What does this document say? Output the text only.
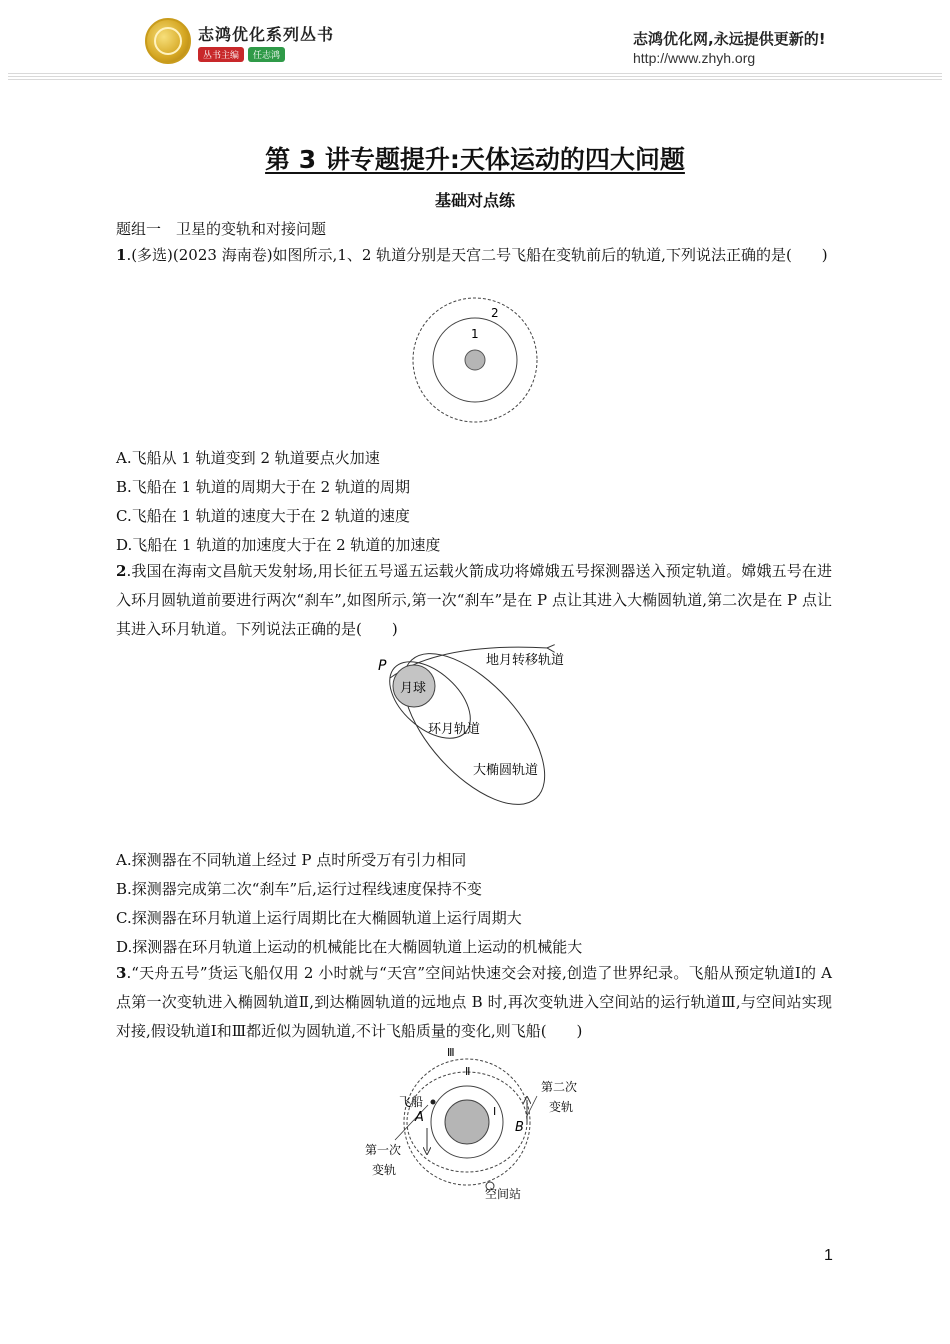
志鸿优化系列丛书
丛书主编	任志鸿
志鸿优化网,永远提供更新的!
http://www.zhyh.org
第 3 讲专题提升:天体运动的四大问题
基础对点练
题组一　卫星的变轨和对接问题
1.(多选)(2023 海南卷)如图所示,1、2 轨道分别是天宫二号飞船在变轨前后的轨道,下列说法正确的是(　　)
1
2
A.飞船从 1 轨道变到 2 轨道要点火加速
B.飞船在 1 轨道的周期大于在 2 轨道的周期
C.飞船在 1 轨道的速度大于在 2 轨道的速度
D.飞船在 1 轨道的加速度大于在 2 轨道的加速度
2.我国在海南文昌航天发射场,用长征五号遥五运载火箭成功将嫦娥五号探测器送入预定轨道。嫦娥五号在进入环月圆轨道前要进行两次“刹车”,如图所示,第一次“刹车”是在 P 点让其进入大椭圆轨道,第二次是在 P 点让其进入环月轨道。下列说法正确的是(　　)
月球
P	地月转移轨道
环月轨道
大椭圆轨道
A.探测器在不同轨道上经过 P 点时所受万有引力相同
B.探测器完成第二次“刹车”后,运行过程线速度保持不变
C.探测器在环月轨道上运行周期比在大椭圆轨道上运行周期大
D.探测器在环月轨道上运动的机械能比在大椭圆轨道上运动的机械能大
3.“天舟五号”货运飞船仅用 2 小时就与“天宫”空间站快速交会对接,创造了世界纪录。飞船从预定轨道Ⅰ的 A 点第一次变轨进入椭圆轨道Ⅱ,到达椭圆轨道的远地点 B 时,再次变轨进入空间站的运行轨道Ⅲ,与空间站实现对接,假设轨道Ⅰ和Ⅲ都近似为圆轨道,不计飞船质量的变化,则飞船(　　)
Ⅲ
Ⅱ
Ⅰ
飞船
A
B
第二次
变轨
第一次
变轨
空间站
1
